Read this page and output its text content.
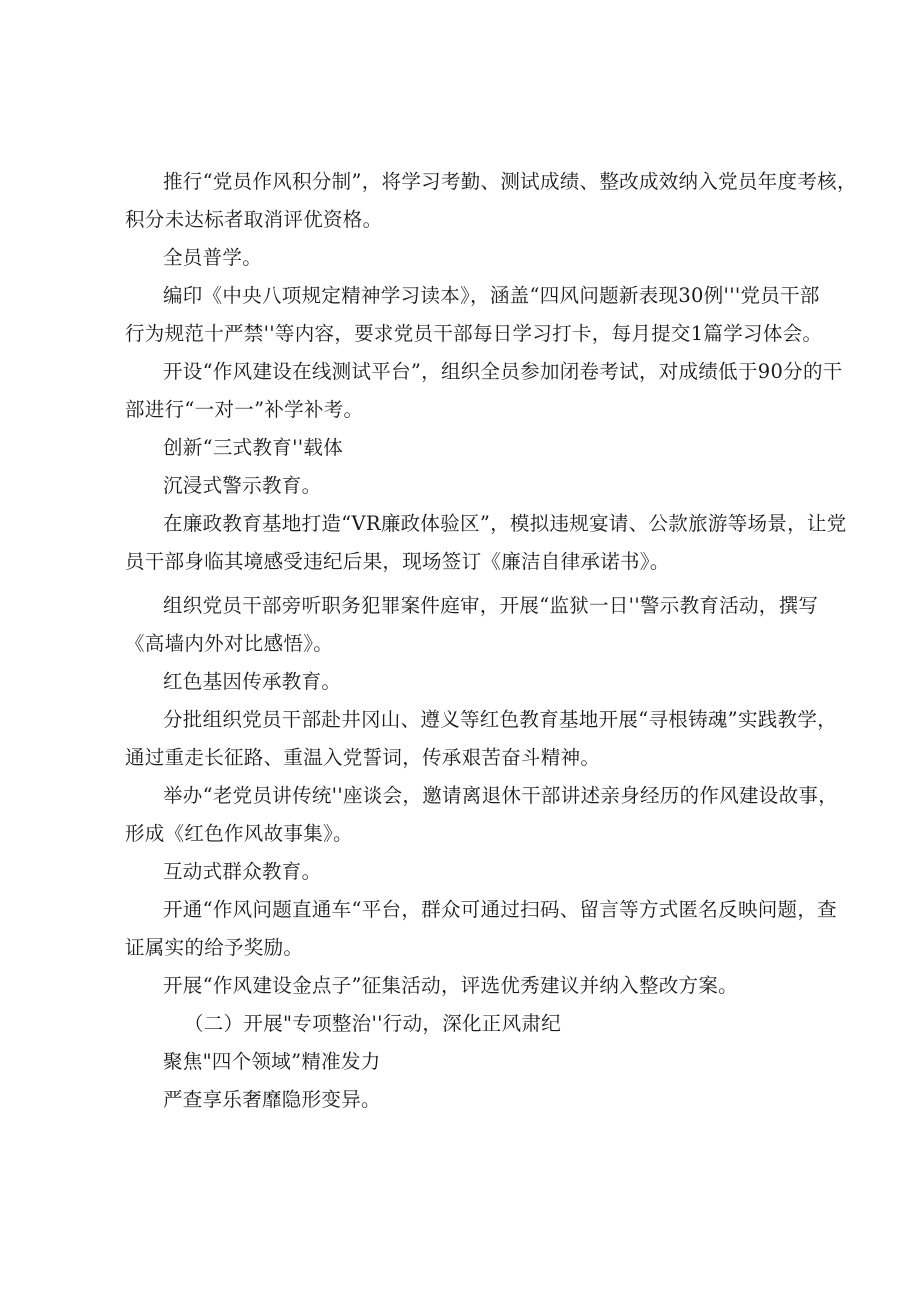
推行“党员作风积分制”，将学习考勤、测试成绩、整改成效纳入党员年度考核，
积分未达标者取消评优资格。
全员普学。
编印《中央八项规定精神学习读本》，涵盖“四风问题新表现30例'''党员干部
行为规范十严禁''等内容，要求党员干部每日学习打卡，每月提交1篇学习体会。
开设“作风建设在线测试平台”，组织全员参加闭卷考试，对成绩低于90分的干
部进行“一对一”补学补考。
创新“三式教育''载体
沉浸式警示教育。
在廉政教育基地打造“VR廉政体验区”，模拟违规宴请、公款旅游等场景，让党
员干部身临其境感受违纪后果，现场签订《廉洁自律承诺书》。
组织党员干部旁听职务犯罪案件庭审，开展“监狱一日''警示教育活动，撰写
《高墙内外对比感悟》。
红色基因传承教育。
分批组织党员干部赴井冈山、遵义等红色教育基地开展“寻根铸魂”实践教学，
通过重走长征路、重温入党誓词，传承艰苦奋斗精神。
举办“老党员讲传统''座谈会，邀请离退休干部讲述亲身经历的作风建设故事，
形成《红色作风故事集》。
互动式群众教育。
开通“作风问题直通车“平台，群众可通过扫码、留言等方式匿名反映问题，查
证属实的给予奖励。
开展“作风建设金点子”征集活动，评选优秀建议并纳入整改方案。
（二）开展"专项整治''行动，深化正风肃纪
聚焦"四个领域”精准发力
严查享乐奢靡隐形变异。
